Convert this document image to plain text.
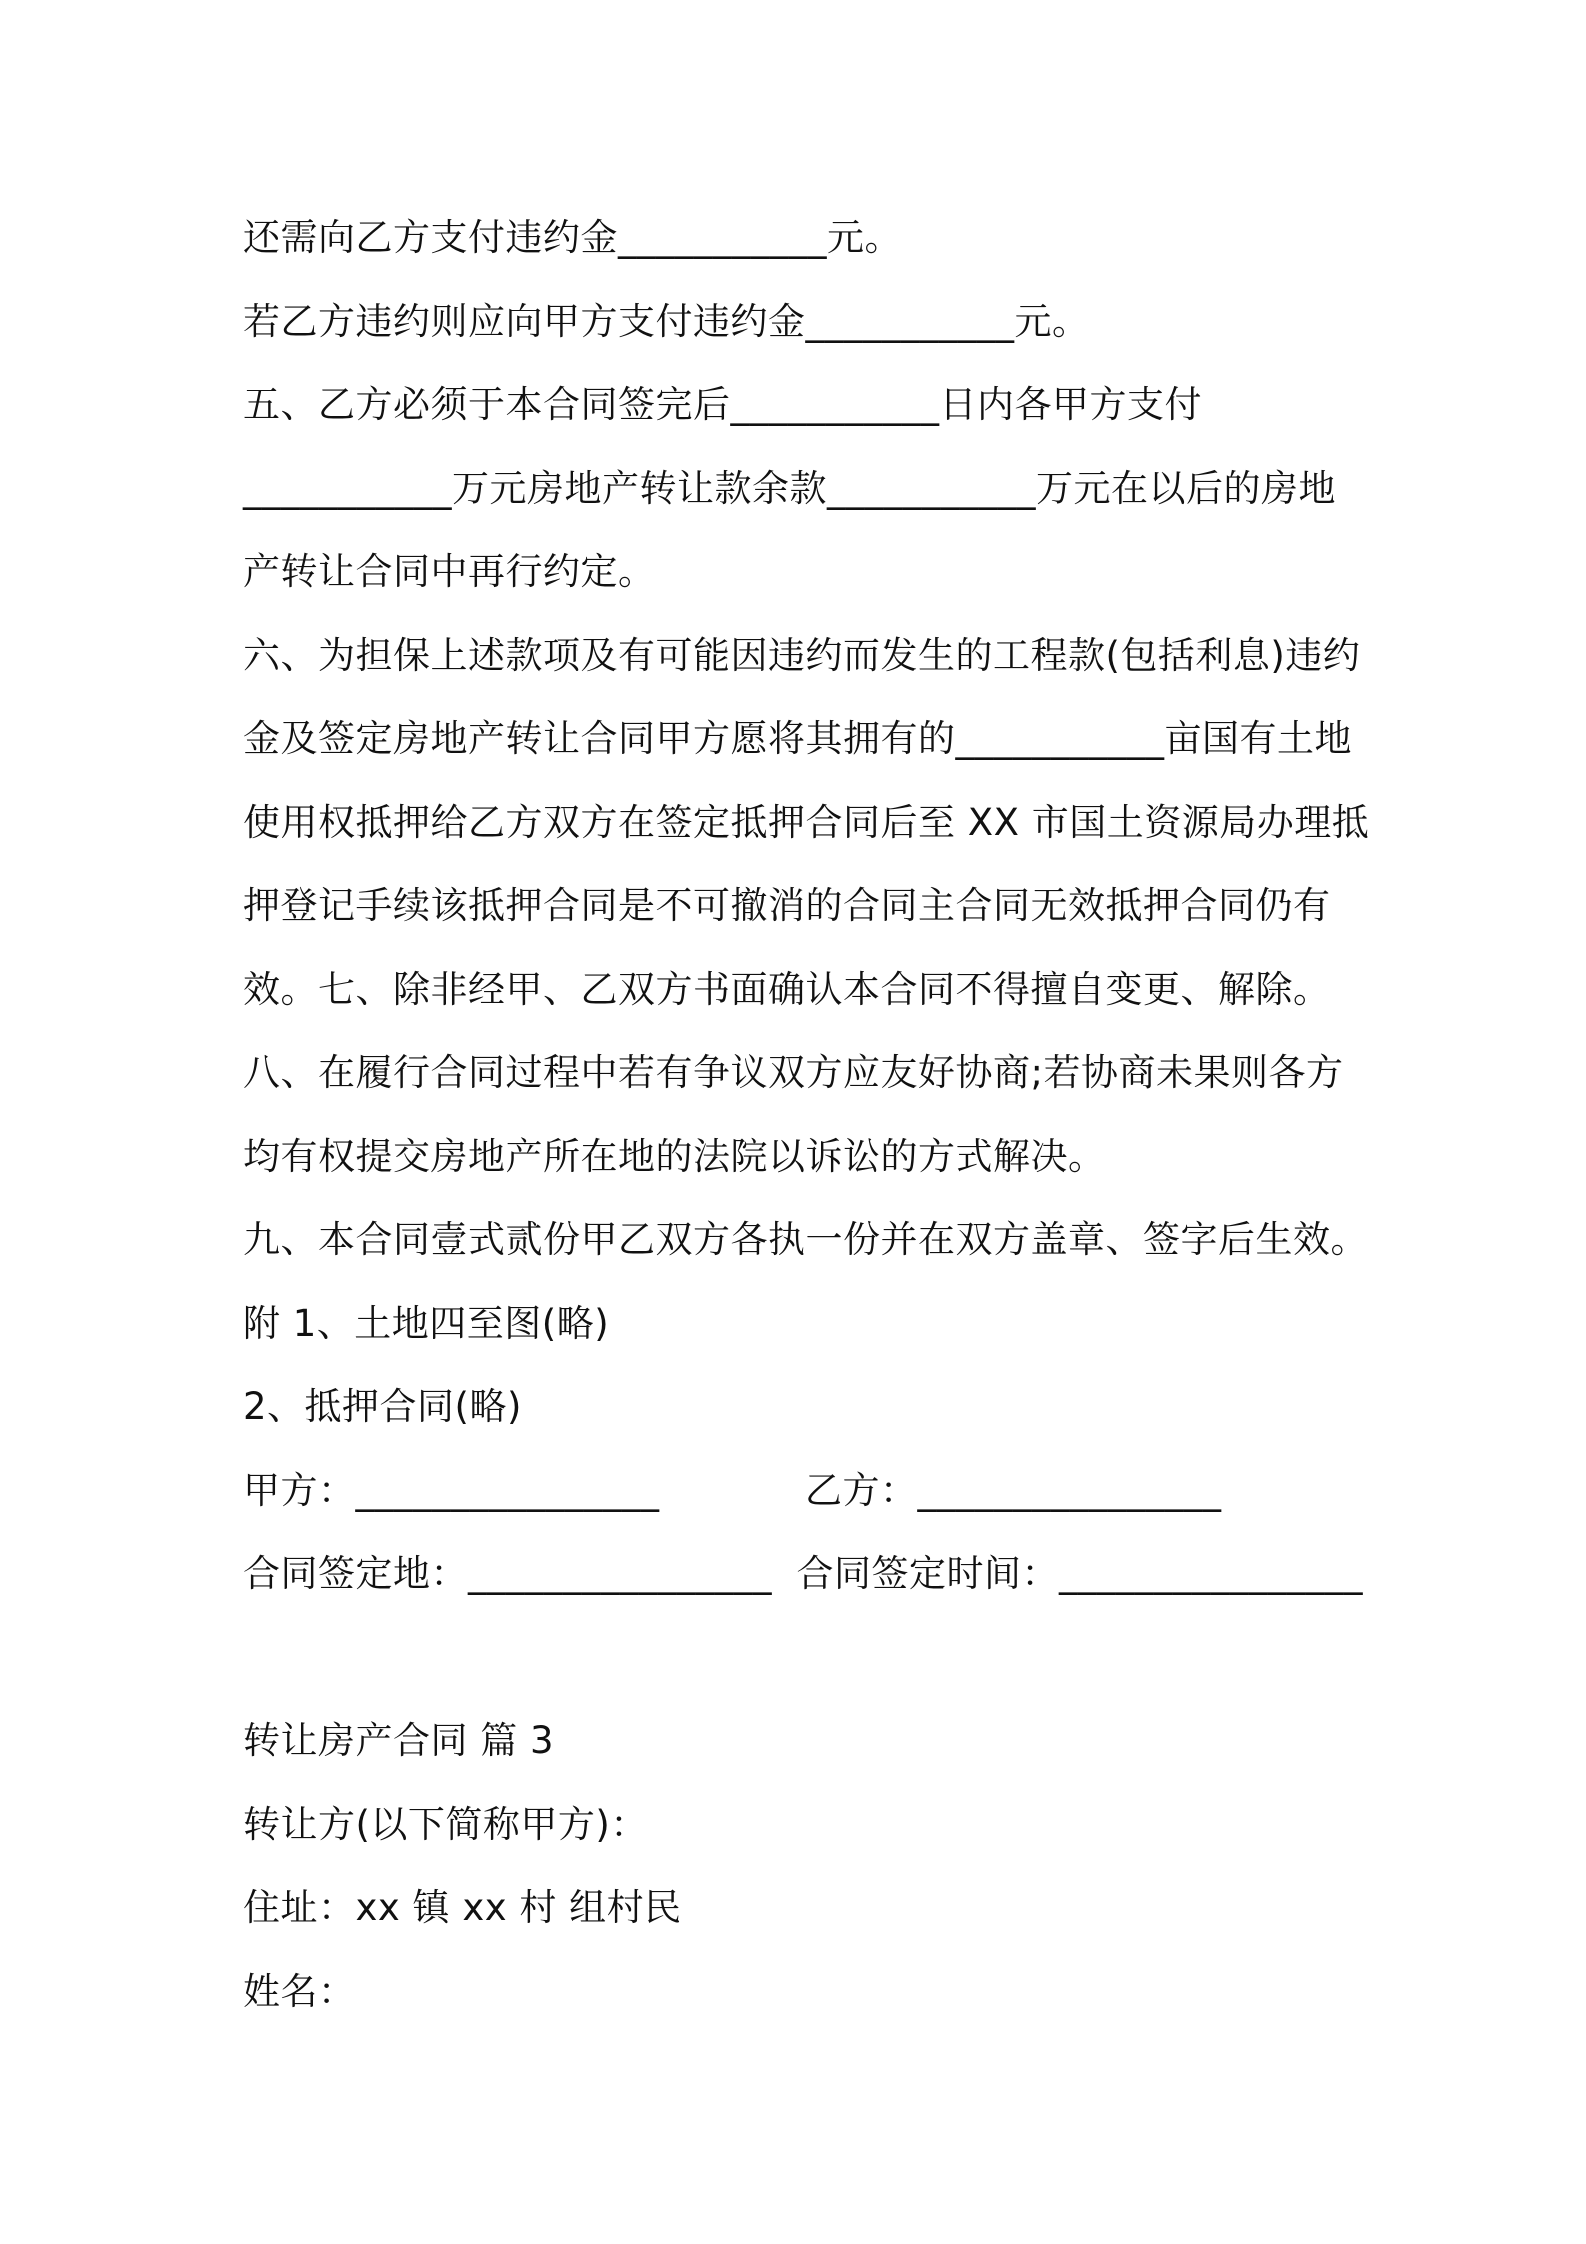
还需向乙方支付违约金___________元。
若乙方违约则应向甲方支付违约金___________元。
五、乙方必须于本合同签完后___________日内各甲方支付
___________万元房地产转让款余款___________万元在以后的房地
产转让合同中再行约定。
六、为担保上述款项及有可能因违约而发生的工程款(包括利息)违约
金及签定房地产转让合同甲方愿将其拥有的___________亩国有土地
使用权抵押给乙方双方在签定抵押合同后至 XX 市国土资源局办理抵
押登记手续该抵押合同是不可撤消的合同主合同无效抵押合同仍有
效。七、除非经甲、乙双方书面确认本合同不得擅自变更、解除。
八、在履行合同过程中若有争议双方应友好协商;若协商未果则各方
均有权提交房地产所在地的法院以诉讼的方式解决。
九、本合同壹式贰份甲乙双方各执一份并在双方盖章、签字后生效。
附 1、土地四至图(略)
2、抵押合同(略)
甲方：________________	乙方：________________
合同签定地：________________ 合同签定时间：________________
转让房产合同 篇 3
转让方(以下简称甲方)：
住址：xx 镇 xx 村 组村民
姓名：
